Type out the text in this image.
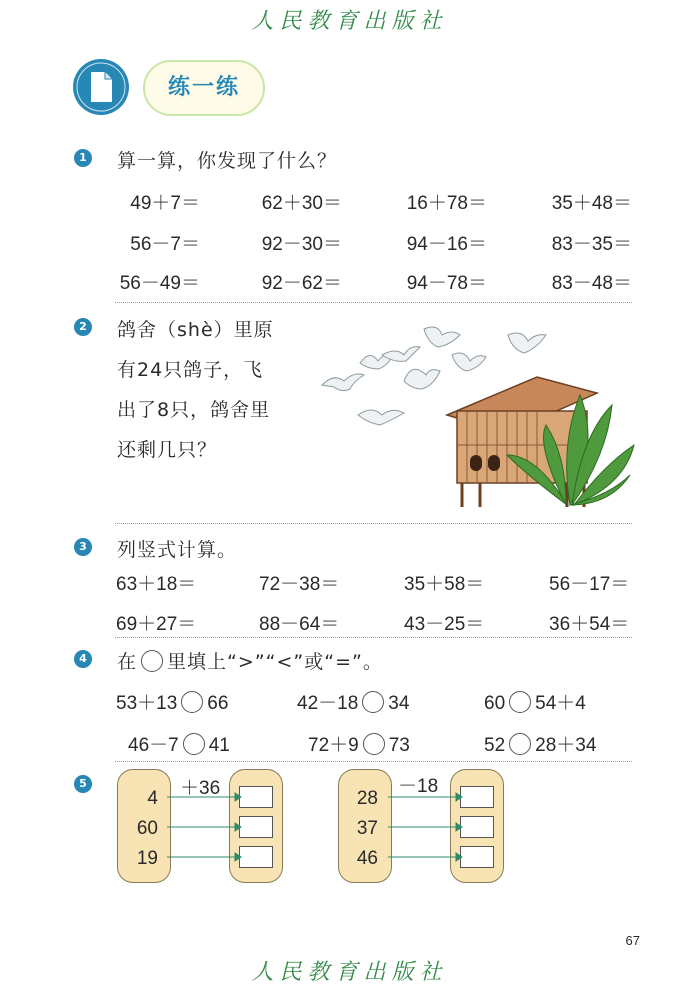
人民教育出版社
练一练
1 算一算，你发现了什么？
49＋7＝	62＋30＝	16＋78＝	35＋48＝
56－7＝	92－30＝	94－16＝	83－35＝
56－49＝	92－62＝	94－78＝	83－48＝
2 鸽舍（shè）里原
有24只鸽子，飞
出了8只，鸽舍里
还剩几只？
3 列竖式计算。
63＋18＝	72－38＝	35＋58＝	56－17＝
69＋27＝	88－64＝	43－25＝	36＋54＝
4 在 里填上“>”“<”或“=”。
53＋13 66	42－18 34	60 54＋4
46－7 41	72＋9 73	52 28＋34
5	＋36
4
60
19
－18
28
37
46
67
人民教育出版社
